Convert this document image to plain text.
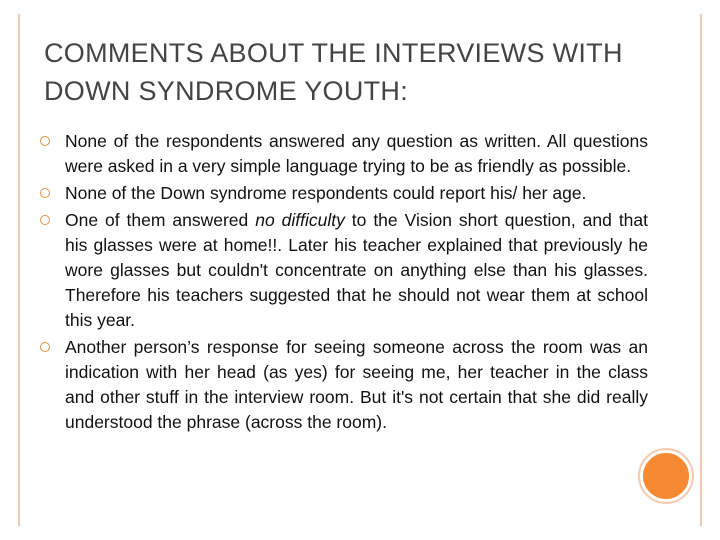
COMMENTS ABOUT THE INTERVIEWS WITH DOWN SYNDROME YOUTH:
None of the respondents answered any question as written. All questions were asked in a very simple language trying to be as friendly as possible.
None of the Down syndrome respondents could report his/ her age.
One of them answered no difficulty to the Vision short question, and that his glasses were at home!!. Later his teacher explained that previously he wore glasses but couldn't concentrate on anything else than his glasses. Therefore his teachers suggested that he should not wear them at school this year.
Another person’s response for seeing someone across the room was an indication with her head (as yes) for seeing me, her teacher in the class and other stuff in the interview room. But it's not certain that she did really understood the phrase (across the room).
